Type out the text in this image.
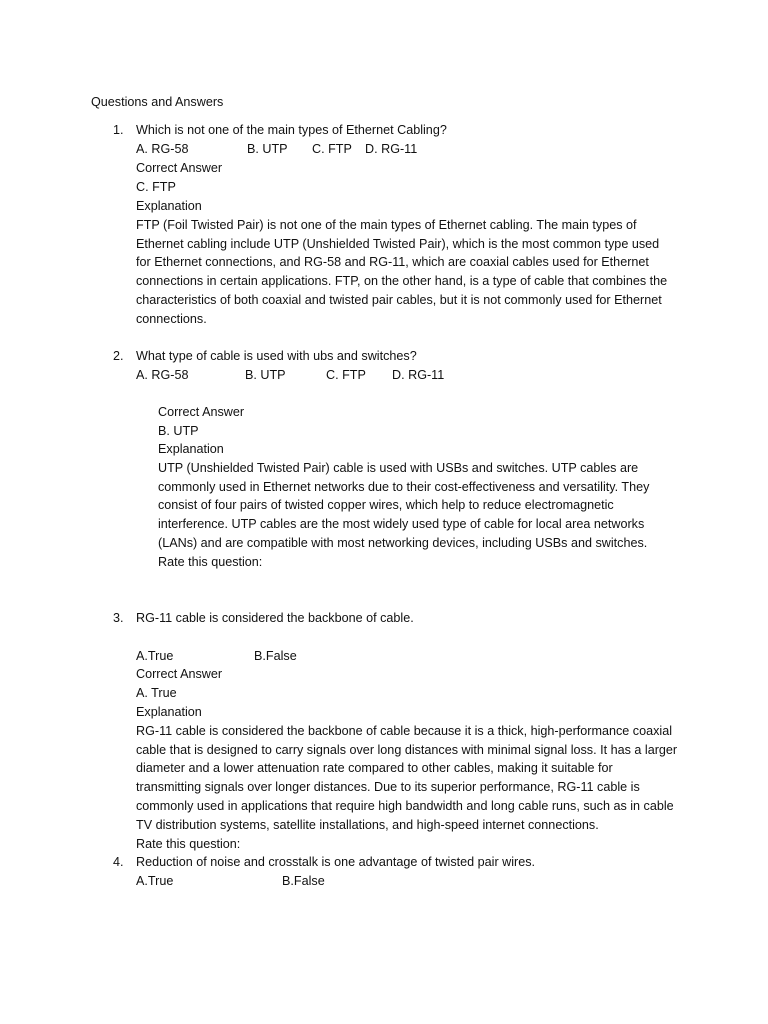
Questions and Answers
1. Which is not one of the main types of Ethernet Cabling?
A. RG-58	B. UTP C. FTP D. RG-11
Correct Answer
C. FTP
Explanation

FTP (Foil Twisted Pair) is not one of the main types of Ethernet cabling. The main types of Ethernet cabling include UTP (Unshielded Twisted Pair), which is the most common type used for Ethernet connections, and RG-58 and RG-11, which are coaxial cables used for Ethernet connections in certain applications. FTP, on the other hand, is a type of cable that combines the characteristics of both coaxial and twisted pair cables, but it is not commonly used for Ethernet connections.

2. What type of cable is used with ubs and switches?
A. RG-58	B. UTP	C. FTP D. RG-11
Correct Answer
B. UTP
Explanation

UTP (Unshielded Twisted Pair) cable is used with USBs and switches. UTP cables are commonly used in Ethernet networks due to their cost-effectiveness and versatility. They consist of four pairs of twisted copper wires, which help to reduce electromagnetic interference. UTP cables are the most widely used type of cable for local area networks (LANs) and are compatible with most networking devices, including USBs and switches.

Rate this question:
3. RG-11 cable is considered the backbone of cable.
A.True	B.False
Correct Answer
A. True
Explanation

RG-11 cable is considered the backbone of cable because it is a thick, high-performance coaxial cable that is designed to carry signals over long distances with minimal signal loss. It has a larger diameter and a lower attenuation rate compared to other cables, making it suitable for transmitting signals over longer distances. Due to its superior performance, RG-11 cable is commonly used in applications that require high bandwidth and long cable runs, such as in cable TV distribution systems, satellite installations, and high-speed internet connections.

Rate this question:
4. Reduction of noise and crosstalk is one advantage of twisted pair wires.
A.True	B.False
